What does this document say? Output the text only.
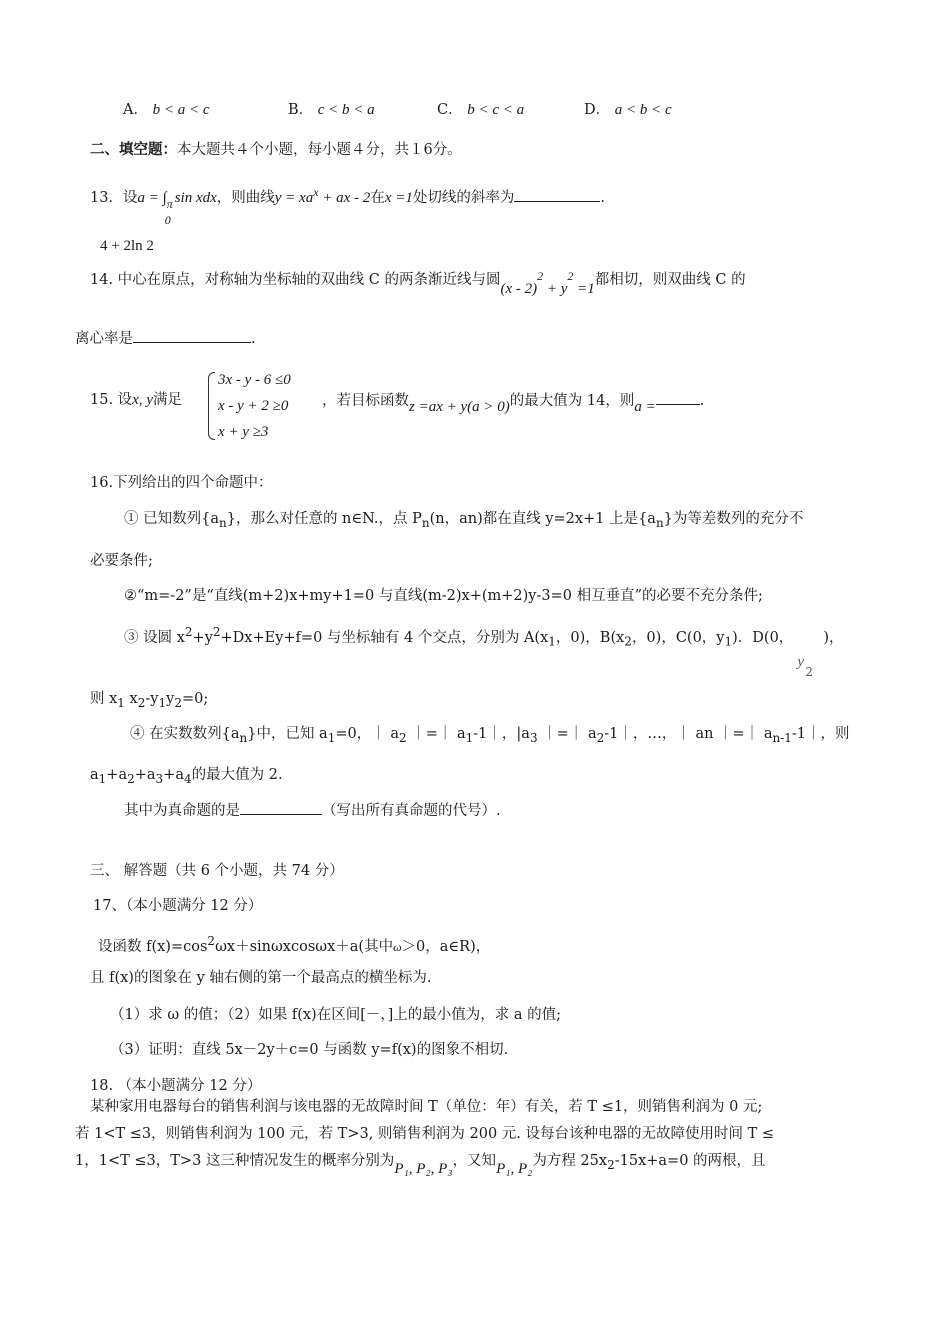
A． b < a < c	B． c < b < a	C． b < c < a	D． a < b < c
二、填空题：本大题共４个小题，每小题４分，共１6分。
13．设a = ∫ π
0
sin xdx，则曲线$y = xa^x$ + ax - 2在x =1处切线的斜率为	.
4 + 2ln 2
14. 中心在原点，对称轴为坐标轴的双曲线 C 的两条渐近线与圆$(x - 2)^2 + y^2 =1$都相切，则双曲线 C 的
离心率是	.
15. 设x, y满足
3x - y - 6 ≤0
x - y + 2 ≥0
x + y ≥3
，若目标函数z =ax + y(a > 0)的最大值为 14，则a =	.
16.下列给出的四个命题中：
① 已知数列$\{a_n\}$，那么对任意的 n∈N.，点 $P_n(n$，an)都在直线 y=2x+1 上是$\{a_n\}$为等差数列的充分不
必要条件;
②“m=-2”是“直线(m+2)x+my+1=0 与直线(m-2)x+(m+2)y-3=0 相互垂直”的必要不充分条件;
③ 设圆 $x^2+y^2+Dx+Ey+f=0$ 与坐标轴有 4 个交点，分别为 $A(x_1$，0)，$B(x_2$，0)，C(0，$y_1$)．D(0，
y
2
)，
则 $x_1$ $x_2-y_1y_2=0$;
④ 在实数数列$\{a_n\}$中，已知 $a_1=0$，｜ $a_2$ ｜=｜ $a_1-1|$，$|a_3$ ｜=｜ $a_2-1|$，…，｜ an ｜=｜ $a_{n-1}-1|$，则
$a_1+a_2+a_3+a_4$的最大值为 2.
其中为真命题的是	（写出所有真命题的代号）.
三、 解答题（共 6 个小题，共 74 分）
17、（本小题满分 12 分）
设函数 $f(x)=\cos^2\omega x+\sin\omega xcos\omega x+a$(其中ω＞0，a∈R)，
且 f(x)的图象在 y 轴右侧的第一个最高点的横坐标为.
（1）求 ω 的值；（2）如果 f(x)在区间[－，]上的最小值为，求 a 的值;
（3）证明：直线 5x－2y＋c=0 与函数 y=f(x)的图象不相切.
18. （本小题满分 12 分）
某种家用电器每台的销售利润与该电器的无故障时间 T（单位：年）有关，若 T ≤1，则销售利润为 0 元;
若 1<T ≤3，则销售利润为 100 元，若 T>3, 则销售利润为 200 元. 设每台该种电器的无故障使用时间 T ≤
1，1<T ≤3，T>3 这三种情况发生的概率分别为P₁, P₂, P₃，又知P₁, P₂为方程 $25x_2-15x+a=0$ 的两根，且
